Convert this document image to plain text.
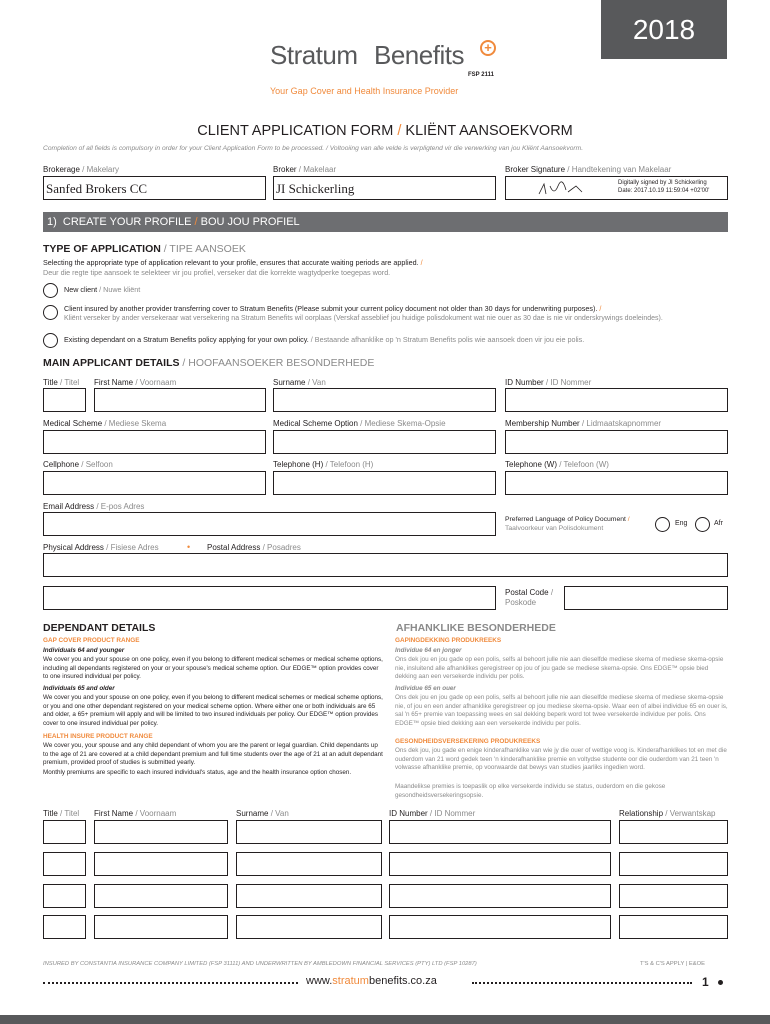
2018
Stratum Benefits	+
FSP 2111
Your Gap Cover and Health Insurance Provider
CLIENT APPLICATION FORM / KLIËNT AANSOEKVORM
Completion of all fields is compulsory in order for your Client Application Form to be processed. / Voltooiing van alle velde is verpligtend vir die verwerking van jou Kliënt Aansoekvorm.
Brokerage / Makelary
Sanfed Brokers CC
Broker / Makelaar
JI Schickerling
Broker Signature / Handtekening van Makelaar
Digitally signed by JI Schickerling
Date: 2017.10.19 11:59:04 +02'00'
1) CREATE YOUR PROFILE / BOU JOU PROFIEL
TYPE OF APPLICATION / TIPE AANSOEK
Selecting the appropriate type of application relevant to your profile, ensures that accurate waiting periods are applied. /
Deur die regte tipe aansoek te selekteer vir jou profiel, verseker dat die korrekte wagtydperke toegepas word.
New client / Nuwe kliënt
Client insured by another provider transferring cover to Stratum Benefits (Please submit your current policy document not older than 30 days for underwriting purposes). /
Kliënt verseker by ander versekeraar wat versekering na Stratum Benefits wil oorplaas (Verskaf asseblief jou huidige polisdokument wat nie ouer as 30 dae is nie vir onderskrywings doeleindes).
Existing dependant on a Stratum Benefits policy applying for your own policy. / Bestaande afhanklike op 'n Stratum Benefits polis wie aansoek doen vir jou eie polis.
MAIN APPLICANT DETAILS / HOOFAANSOEKER BESONDERHEDE
Title / Titel First Name / Voornaam	Surname / Van	ID Number / ID Nommer
Medical Scheme / Mediese Skema	Medical Scheme Option / Mediese Skema-Opsie	Membership Number / Lidmaatskapnommer
Cellphone / Selfoon	Telephone (H) / Telefoon (H)	Telephone (W) / Telefoon (W)
Email Address / E-pos Adres
Preferred Language of Policy Document /
Taalvoorkeur van Polisdokument
Eng	Afr
Physical Address / Fisiese Adres	• Postal Address / Posadres
Postal Code /
Poskode
DEPENDANT DETAILS	AFHANKLIKE BESONDERHEDE
GAP COVER PRODUCT RANGE
Individuals 64 and younger
We cover you and your spouse on one policy, even if you belong to different medical schemes or medical scheme options, including all dependants registered on your or your spouse's medical scheme option. Our EDGE™ option provides cover to one insured individual per policy.
Individuals 65 and older
We cover you and your spouse on one policy, even if you belong to different medical schemes or medical scheme options, or you and one other dependant registered on your medical scheme option. Where either one or both individuals are 65 and older, a 65+ premium will apply and will be limited to two insured individuals per policy. Our EDGE™ option provides cover to one insured individual per policy.
HEALTH INSURE PRODUCT RANGE
We cover you, your spouse and any child dependant of whom you are the parent or legal guardian. Child dependants up to the age of 21 are covered at a child dependant premium and full time students over the age of 21 at an adult dependant premium, provided proof of studies is submitted yearly.
Monthly premiums are specific to each insured individual's status, age and the health insurance option chosen.
GAPINGDEKKING PRODUKREEKS
Individue 64 en jonger
Ons dek jou en jou gade op een polis, selfs al behoort julle nie aan dieselfde mediese skema of mediese skema-opsie nie, insluitend alle afhanklikes geregistreer op jou of jou gade se mediese skema-opsie. Ons EDGE™ opsie bied dekking aan een versekerde individu per polis.
Individue 65 en ouer
Ons dek jou en jou gade op een polis, selfs al behoort julle nie aan dieselfde mediese skema of mediese skema-opsie nie, of jou en een ander afhanklike geregistreer op jou mediese skema-opsie. Waar een of albei individue 65 en ouer is, sal 'n 65+ premie van toepassing wees en sal dekking beperk word tot twee versekerde individue per polis. Ons EDGE™ opsie bied dekking aan een versekerde individu per polis.
GESONDHEIDSVERSEKERING PRODUKREEKS
Ons dek jou, jou gade en enige kinderafhanklike van wie jy die ouer of wettige voog is. Kinderafhanklikes tot en met die ouderdom van 21 word gedek teen 'n kinderafhanklike premie en voltydse studente oor die ouderdom van 21 teen 'n volwasse afhanklike premie, op voorwaarde dat bewys van studies jaarliks ingedien word.
Maandelikse premies is toepaslik op elke versekerde individu se status, ouderdom en die gekose gesondheidsversekeringsopsie.
Title / Titel First Name / Voornaam	Surname / Van	ID Number / ID Nommer	Relationship / Verwantskap
INSURED BY CONSTANTIA INSURANCE COMPANY LIMITED (FSP 31111) AND UNDERWRITTEN BY AMBLEDOWN FINANCIAL SERVICES (PTY) LTD (FSP 10287)	T'S & C'S APPLY | E&OE
www.stratumbenefits.co.za	1
